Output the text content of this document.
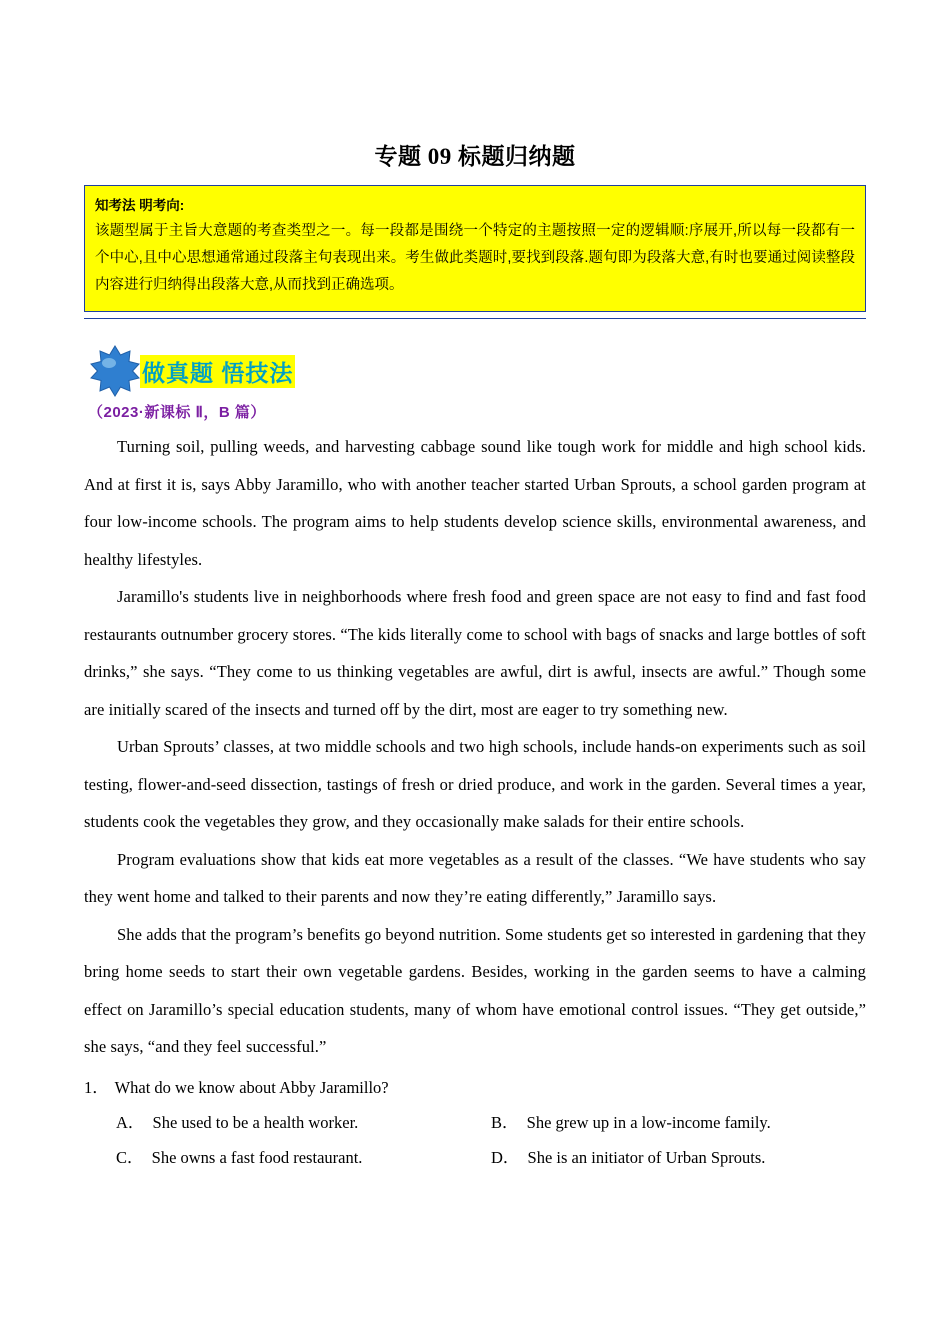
专题 09 标题归纳题
知考法 明考向:
该题型属于主旨大意题的考查类型之一。每一段都是围绕一个特定的主题按照一定的逻辑顺:序展开,所以每一段都有一个中心,且中心思想通常通过段落主句表现出来。考生做此类题时,要找到段落.题句即为段落大意,有时也要通过阅读整段内容进行归纳得出段落大意,从而找到正确选项。
做真题 悟技法
（2023·新课标 Ⅱ，B 篇）

Turning soil, pulling weeds, and harvesting cabbage sound like tough work for middle and high school kids. And at first it is, says Abby Jaramillo, who with another teacher started Urban Sprouts, a school garden program at four low-income schools. The program aims to help students develop science skills, environmental awareness, and healthy lifestyles.

Jaramillo's students live in neighborhoods where fresh food and green space are not easy to find and fast food restaurants outnumber grocery stores. “The kids literally come to school with bags of snacks and large bottles of soft drinks,” she says. “They come to us thinking vegetables are awful, dirt is awful, insects are awful.” Though some are initially scared of the insects and turned off by the dirt, most are eager to try something new.

Urban Sprouts’ classes, at two middle schools and two high schools, include hands-on experiments such as soil testing, flower-and-seed dissection, tastings of fresh or dried produce, and work in the garden. Several times a year, students cook the vegetables they grow, and they occasionally make salads for their entire schools.

Program evaluations show that kids eat more vegetables as a result of the classes. “We have students who say they went home and talked to their parents and now they’re eating differently,” Jaramillo says.

She adds that the program’s benefits go beyond nutrition. Some students get so interested in gardening that they bring home seeds to start their own vegetable gardens. Besides, working in the garden seems to have a calming effect on Jaramillo’s special education students, many of whom have emotional control issues. “They get outside,” she says, “and they feel successful.”

1． What do we know about Abby Jaramillo?
A． She used to be a health worker.	B． She grew up in a low-income family.
C． She owns a fast food restaurant.	D． She is an initiator of Urban Sprouts.
